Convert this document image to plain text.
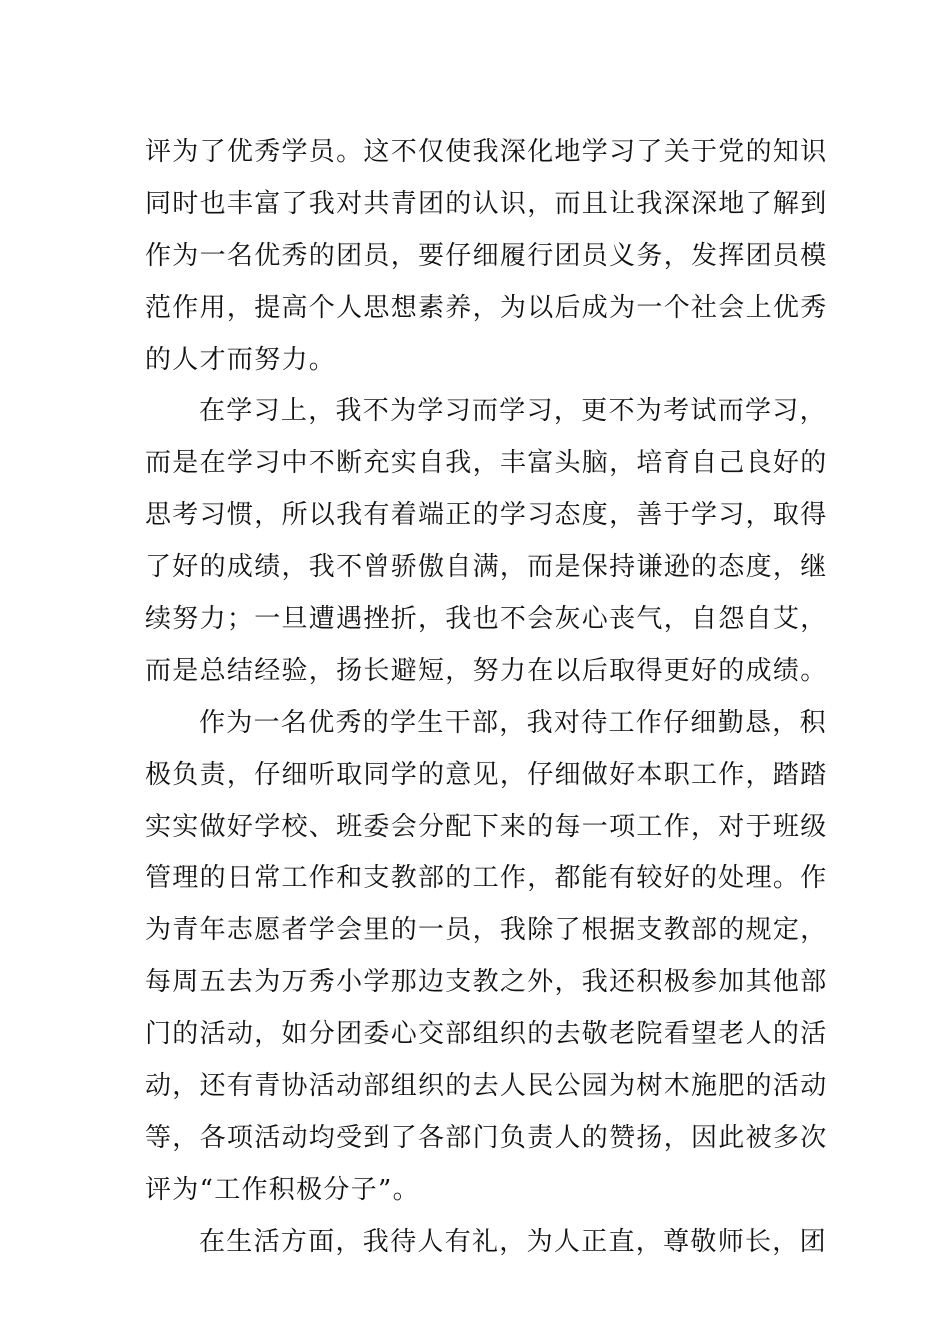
评为了优秀学员。这不仅使我深化地学习了关于党的知识
同时也丰富了我对共青团的认识，而且让我深深地了解到
作为一名优秀的团员，要仔细履行团员义务，发挥团员模
范作用，提高个人思想素养，为以后成为一个社会上优秀
的人才而努力。
在学习上，我不为学习而学习，更不为考试而学习，
而是在学习中不断充实自我，丰富头脑，培育自己良好的
思考习惯，所以我有着端正的学习态度，善于学习，取得
了好的成绩，我不曾骄傲自满，而是保持谦逊的态度，继
续努力；一旦遭遇挫折，我也不会灰心丧气，自怨自艾，
而是总结经验，扬长避短，努力在以后取得更好的成绩。
作为一名优秀的学生干部，我对待工作仔细勤恳，积
极负责，仔细听取同学的意见，仔细做好本职工作，踏踏
实实做好学校、班委会分配下来的每一项工作，对于班级
管理的日常工作和支教部的工作，都能有较好的处理。作
为青年志愿者学会里的一员，我除了根据支教部的规定，
每周五去为万秀小学那边支教之外，我还积极参加其他部
门的活动，如分团委心交部组织的去敬老院看望老人的活
动，还有青协活动部组织的去人民公园为树木施肥的活动
等，各项活动均受到了各部门负责人的赞扬，因此被多次
评为“工作积极分子”。
在生活方面，我待人有礼，为人正直，尊敬师长，团
